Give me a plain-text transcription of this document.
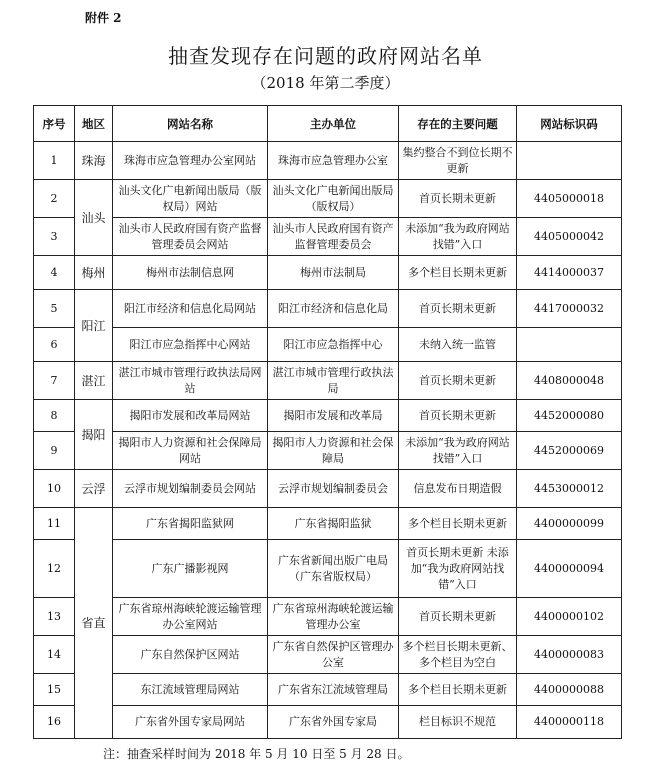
附件 2
抽查发现存在问题的政府网站名单
（2018 年第二季度）
序号	地区	网站名称	主办单位	存在的主要问题	网站标识码
1	珠海	珠海市应急管理办公室网站	珠海市应急管理办公室	集约整合不到位长期不更新	
2	汕头	汕头文化广电新闻出版局（版权局）网站	汕头文化广电新闻出版局（版权局）	首页长期未更新	4405000018
3		汕头市人民政府国有资产监督管理委员会网站	汕头市人民政府国有资产监督管理委员会	未添加“我为政府网站找错”入口	4405000042
4	梅州	梅州市法制信息网	梅州市法制局	多个栏目长期未更新	4414000037
5	阳江	阳江市经济和信息化局网站	阳江市经济和信息化局	首页长期未更新	4417000032
6		阳江市应急指挥中心网站	阳江市应急指挥中心	未纳入统一监管	
7	湛江	湛江市城市管理行政执法局网站	湛江市城市管理行政执法局	首页长期未更新	4408000048
8	揭阳	揭阳市发展和改革局网站	揭阳市发展和改革局	首页长期未更新	4452000080
9		揭阳市人力资源和社会保障局网站	揭阳市人力资源和社会保障局	未添加“我为政府网站找错”入口	4452000069
10	云浮	云浮市规划编制委员会网站	云浮市规划编制委员会	信息发布日期造假	4453000012
11	省直	广东省揭阳监狱网	广东省揭阳监狱	多个栏目长期未更新	4400000099
12		广东广播影视网	广东省新闻出版广电局（广东省版权局）	首页长期未更新 未添加“我为政府网站找错”入口	4400000094
13		广东省琼州海峡轮渡运输管理办公室网站	广东省琼州海峡轮渡运输管理办公室	首页长期未更新	4400000102
14		广东自然保护区网站	广东省自然保护区管理办公室	多个栏目长期未更新、多个栏目为空白	4400000083
15		东江流域管理局网站	广东省东江流域管理局	多个栏目长期未更新	4400000088
16		广东省外国专家局网站	广东省外国专家局	栏目标识不规范	4400000118
注：抽查采样时间为 2018 年 5 月 10 日至 5 月 28 日。
